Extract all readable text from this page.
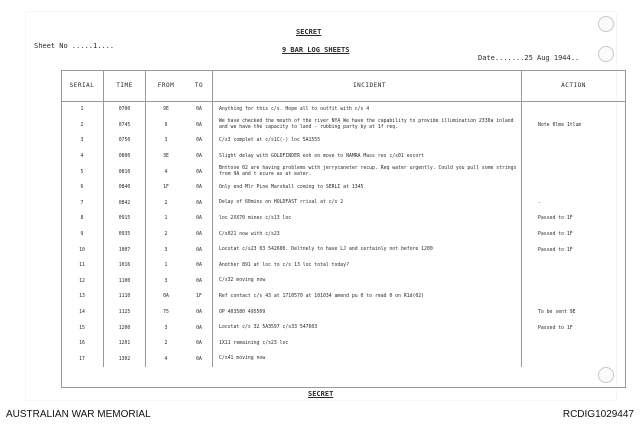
SECRET
Sheet No .....1....	9 BAR LOG SHEETS
Date.......25 Aug 1944..
SERIAL	TIME	FROM	TO	INCIDENT	ACTION
1	0700	9E	0A	Anything for this c/s. Hope all to outfit with c/s 4	
2	0745	9	0A	We have checked the mouth of the river NYA We have the capability to provide illumination 2330a inland and we have the capacity to land - rubbing party by at 1f req.	Note 0lme 1tlum
3	0750	3	0A	C/s3 complet at c/s1C(-) loc 5A1555	
4	0800	3E	0A	Slight delay with GOLDFINDER exh on move to NAMRA Mass res c/s01 escort	
5	0810	4	0A	Bnttove 02 are having problems with jerrycaneter recup. Req water urgently. Could you pull some strings from 9A and t ecure as at eater.	
6	0840	1F	0A	Only end Mlr Pine Marshall coming to SERLI at 1345	
7	0842	2	0A	Delay of 60mins on HOLDFAST rrival at c/s 2	-
8	0915	1	0A	loc 2XX70 mines c/s13 loc	Passed to 1F
9	0935	2	0A	C/s021 now with c/s23	Passed to 1F
10	1007	3	0A	Locstat c/s23 03 542600. Deltnely to have LJ and certainly not before 1200	Passed to 1F
11	1016	1	0A	Another 891 at loc to c/s 13 loc total today?	
12	1100	3	0A	C/s32 moving now	
13	1110	0A	1F	Ref contact c/s 43 at 1710570 at 101034 amend pu 0 to read 0 on R1d(02)	
14	1125	75	0A	OP 403580 495509	To be sent 9E
15	1200	3	0A	Locstat c/s 32 5A3597 c/s33 547603	Passed to 1F
16	1201	2	0A	1X11 remaining c/s23 loc	
17	1302	4	0A	C/s41 moving now	
SECRET
AUSTRALIAN WAR MEMORIAL	RCDIG1029447
